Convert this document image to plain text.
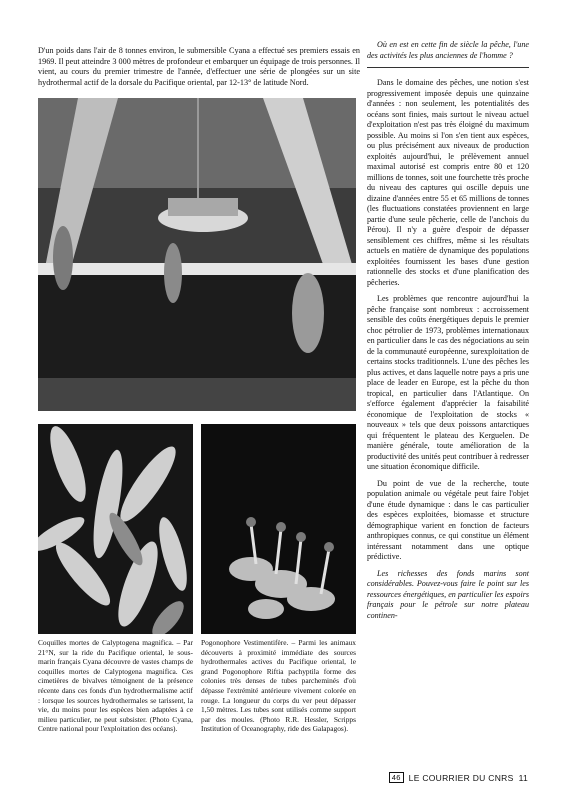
D'un poids dans l'air de 8 tonnes environ, le submersible Cyana a effectué ses premiers essais en 1969. Il peut atteindre 3 000 mètres de profondeur et embarquer un équipage de trois personnes. Il vient, au cours du premier trimestre de l'année, d'effectuer une série de plongées sur un site hydrothermal actif de la dorsale du Pacifique oriental, par 12-13° de latitude Nord.
Coquilles mortes de Calyptogena magnifica. – Par 21°N, sur la ride du Pacifique oriental, le sous-marin français Cyana découvre de vastes champs de coquilles mortes de Calyptogena magnifica. Ces cimetières de bivalves témoignent de la présence récente dans ces fonds d'un hydrothermalisme actif : lorsque les sources hydrothermales se tarissent, la vie, du moins pour les espèces bien adaptées à ce milieu particulier, ne peut subsister. (Photo Cyana, Centre national pour l'exploitation des océans).
Pogonophore Vestimentifère. – Parmi les animaux découverts à proximité immédiate des sources hydrothermales actives du Pacifique oriental, le grand Pogonophore Riftia pachyptila forme des colonies très denses de tubes parcheminés d'où dépasse l'extrémité antérieure vivement colorée en rouge. La longueur du corps du ver peut dépasser 1,50 mètres. Les tubes sont utilisés comme support par des moules. (Photo R.R. Hessler, Scripps Institution of Oceanography, ride des Galapagos).

Où en est en cette fin de siècle la pêche, l'une des activités les plus anciennes de l'homme ?

Dans le domaine des pêches, une notion s'est progressivement imposée depuis une quinzaine d'années : non seulement, les potentialités des océans sont finies, mais surtout le niveau actuel d'exploitation n'est pas très éloigné du maximum possible. Au moins si l'on s'en tient aux espèces, ou plus précisément aux niveaux de production exploités aujourd'hui, le prélèvement annuel maximal autorisé est compris entre 80 et 120 millions de tonnes, soit une fourchette très proche du niveau des captures qui oscille depuis une dizaine d'années entre 55 et 65 millions de tonnes (les fluctuations constatées proviennent en large partie d'une seule pêcherie, celle de l'anchois du Pérou). Il n'y a guère d'espoir de dépasser sensiblement ces chiffres, même si les résultats actuels en matière de dynamique des populations exploitées fournissent les bases d'une gestion rationnelle des stocks et d'une planification des pêcheries.

Les problèmes que rencontre aujourd'hui la pêche française sont nombreux : accroissement sensible des coûts énergétiques depuis le premier choc pétrolier de 1973, problèmes internationaux en particulier dans le cas des négociations au sein de la communauté européenne, surexploitation de certains stocks traditionnels. L'une des pêches les plus actives, et dans laquelle notre pays a pris une place de leader en Europe, est la pêche du thon tropical, en particulier dans l'Atlantique. On s'efforce également d'apprécier la faisabilité économique de l'exploitation de stocks « nouveaux » tels que deux poissons antarctiques qui fréquentent le plateau des Kerguelen. De manière générale, toute amélioration de la productivité des unités peut contribuer à redresser une situation économique difficile.

Du point de vue de la recherche, toute population animale ou végétale peut faire l'objet d'une étude dynamique : dans le cas particulier des espèces exploitées, biomasse et structure démographique varient en fonction de facteurs anthropiques connus, ce qui constitue un élément intéressant notamment dans une optique prédictive.

Les richesses des fonds marins sont considérables. Pouvez-vous faire le point sur les ressources énergétiques, en particulier les espoirs français pour le pétrole sur notre plateau continen-

46 LE COURRIER DU CNRS 11
